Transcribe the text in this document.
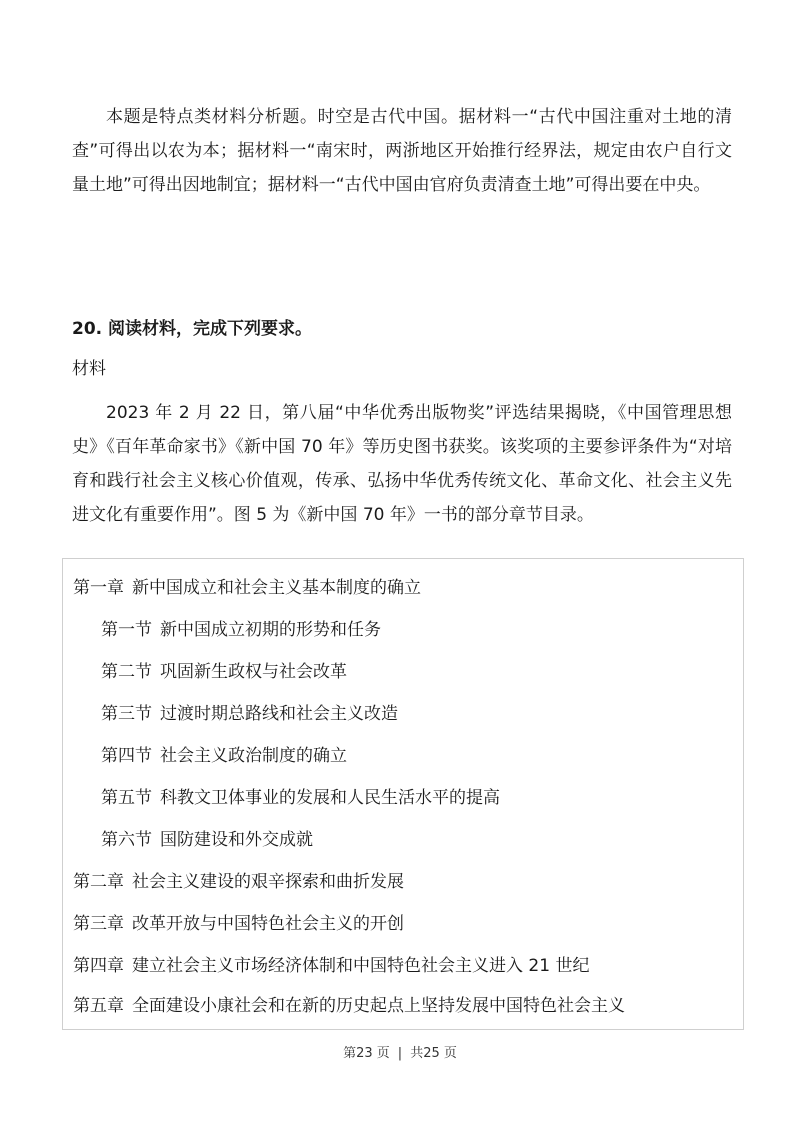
本题是特点类材料分析题。时空是古代中国。据材料一“古代中国注重对土地的清查”可得出以农为本；据材料一“南宋时，两浙地区开始推行经界法，规定由农户自行文量土地”可得出因地制宜；据材料一“古代中国由官府负责清查土地”可得出要在中央。

20. 阅读材料，完成下列要求。

材料

2023 年 2 月 22 日，第八届“中华优秀出版物奖”评选结果揭晓，《中国管理思想史》《百年革命家书》《新中国 70 年》等历史图书获奖。该奖项的主要参评条件为“对培育和践行社会主义核心价值观，传承、弘扬中华优秀传统文化、革命文化、社会主义先进文化有重要作用”。图 5 为《新中国 70 年》一书的部分章节目录。

第一章 新中国成立和社会主义基本制度的确立
第一节 新中国成立初期的形势和任务
第二节 巩固新生政权与社会改革
第三节 过渡时期总路线和社会主义改造
第四节 社会主义政治制度的确立
第五节 科教文卫体事业的发展和人民生活水平的提高
第六节 国防建设和外交成就
第二章 社会主义建设的艰辛探索和曲折发展
第三章 改革开放与中国特色社会主义的开创
第四章 建立社会主义市场经济体制和中国特色社会主义进入 21 世纪
第五章 全面建设小康社会和在新的历史起点上坚持发展中国特色社会主义
第23 页 | 共25 页
